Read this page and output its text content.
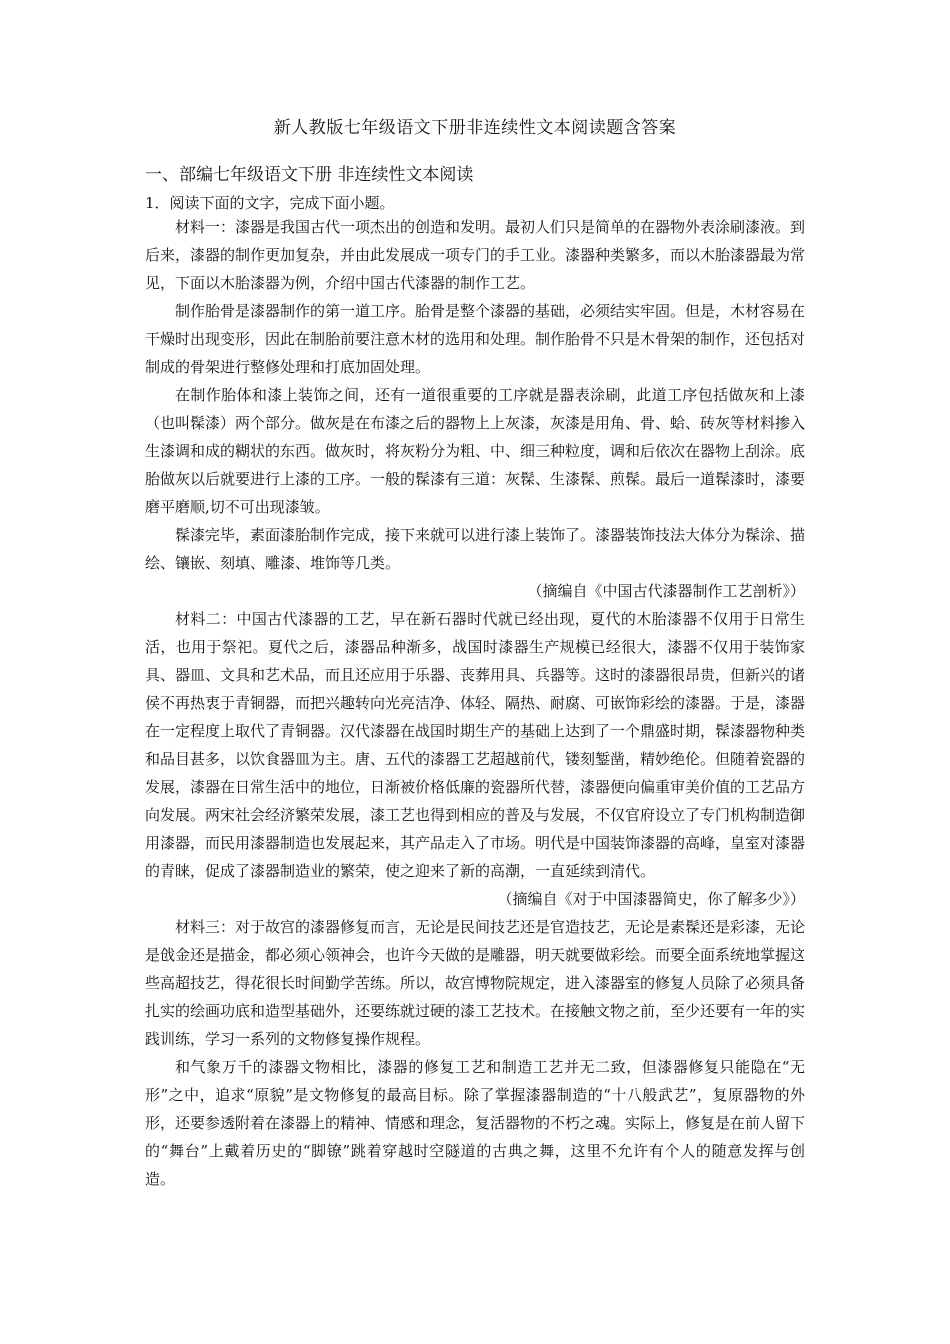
新人教版七年级语文下册非连续性文本阅读题含答案
一、部编七年级语文下册 非连续性文本阅读
1．阅读下面的文字，完成下面小题。

材料一：漆器是我国古代一项杰出的创造和发明。最初人们只是简单的在器物外表涂刷漆液。到后来，漆器的制作更加复杂，并由此发展成一项专门的手工业。漆器种类繁多，而以木胎漆器最为常见，下面以木胎漆器为例，介绍中国古代漆器的制作工艺。

制作胎骨是漆器制作的第一道工序。胎骨是整个漆器的基础，必须结实牢固。但是，木材容易在干燥时出现变形，因此在制胎前要注意木材的选用和处理。制作胎骨不只是木骨架的制作，还包括对制成的骨架进行整修处理和打底加固处理。

在制作胎体和漆上装饰之间，还有一道很重要的工序就是器表涂刷，此道工序包括做灰和上漆（也叫髹漆）两个部分。做灰是在布漆之后的器物上上灰漆，灰漆是用角、骨、蛤、砖灰等材料掺入生漆调和成的糊状的东西。做灰时，将灰粉分为粗、中、细三种粒度，调和后依次在器物上刮涂。底胎做灰以后就要进行上漆的工序。一般的髹漆有三道：灰髹、生漆髹、煎髹。最后一道髹漆时，漆要磨平磨顺,切不可出现漆皱。

髹漆完毕，素面漆胎制作完成，接下来就可以进行漆上装饰了。漆器装饰技法大体分为髹涂、描绘、镶嵌、刻填、雕漆、堆饰等几类。

（摘编自《中国古代漆器制作工艺剖析》）

材料二：中国古代漆器的工艺，早在新石器时代就已经出现，夏代的木胎漆器不仅用于日常生活，也用于祭祀。夏代之后，漆器品种渐多，战国时漆器生产规模已经很大，漆器不仅用于装饰家具、器皿、文具和艺术品，而且还应用于乐器、丧葬用具、兵器等。这时的漆器很昂贵，但新兴的诸侯不再热衷于青铜器，而把兴趣转向光亮洁净、体轻、隔热、耐腐、可嵌饰彩绘的漆器。于是，漆器在一定程度上取代了青铜器。汉代漆器在战国时期生产的基础上达到了一个鼎盛时期，髹漆器物种类和品目甚多，以饮食器皿为主。唐、五代的漆器工艺超越前代，镂刻錾凿，精妙绝伦。但随着瓷器的发展，漆器在日常生活中的地位，日渐被价格低廉的瓷器所代替，漆器便向偏重审美价值的工艺品方向发展。两宋社会经济繁荣发展，漆工艺也得到相应的普及与发展，不仅官府设立了专门机构制造御用漆器，而民用漆器制造也发展起来，其产品走入了市场。明代是中国装饰漆器的高峰，皇室对漆器的青睐，促成了漆器制造业的繁荣，使之迎来了新的高潮，一直延续到清代。

（摘编自《对于中国漆器简史，你了解多少》）

材料三：对于故宫的漆器修复而言，无论是民间技艺还是官造技艺，无论是素髹还是彩漆，无论是戗金还是描金，都必须心领神会，也许今天做的是雕器，明天就要做彩绘。而要全面系统地掌握这些高超技艺，得花很长时间勤学苦练。所以，故宫博物院规定，进入漆器室的修复人员除了必须具备扎实的绘画功底和造型基础外，还要练就过硬的漆工艺技术。在接触文物之前，至少还要有一年的实践训练，学习一系列的文物修复操作规程。

和气象万千的漆器文物相比，漆器的修复工艺和制造工艺并无二致，但漆器修复只能隐在“无形”之中，追求“原貌”是文物修复的最高目标。除了掌握漆器制造的“十八般武艺”，复原器物的外形，还要参透附着在漆器上的精神、情感和理念，复活器物的不朽之魂。实际上，修复是在前人留下的“舞台”上戴着历史的“脚镣”跳着穿越时空隧道的古典之舞，这里不允许有个人的随意发挥与创造。
